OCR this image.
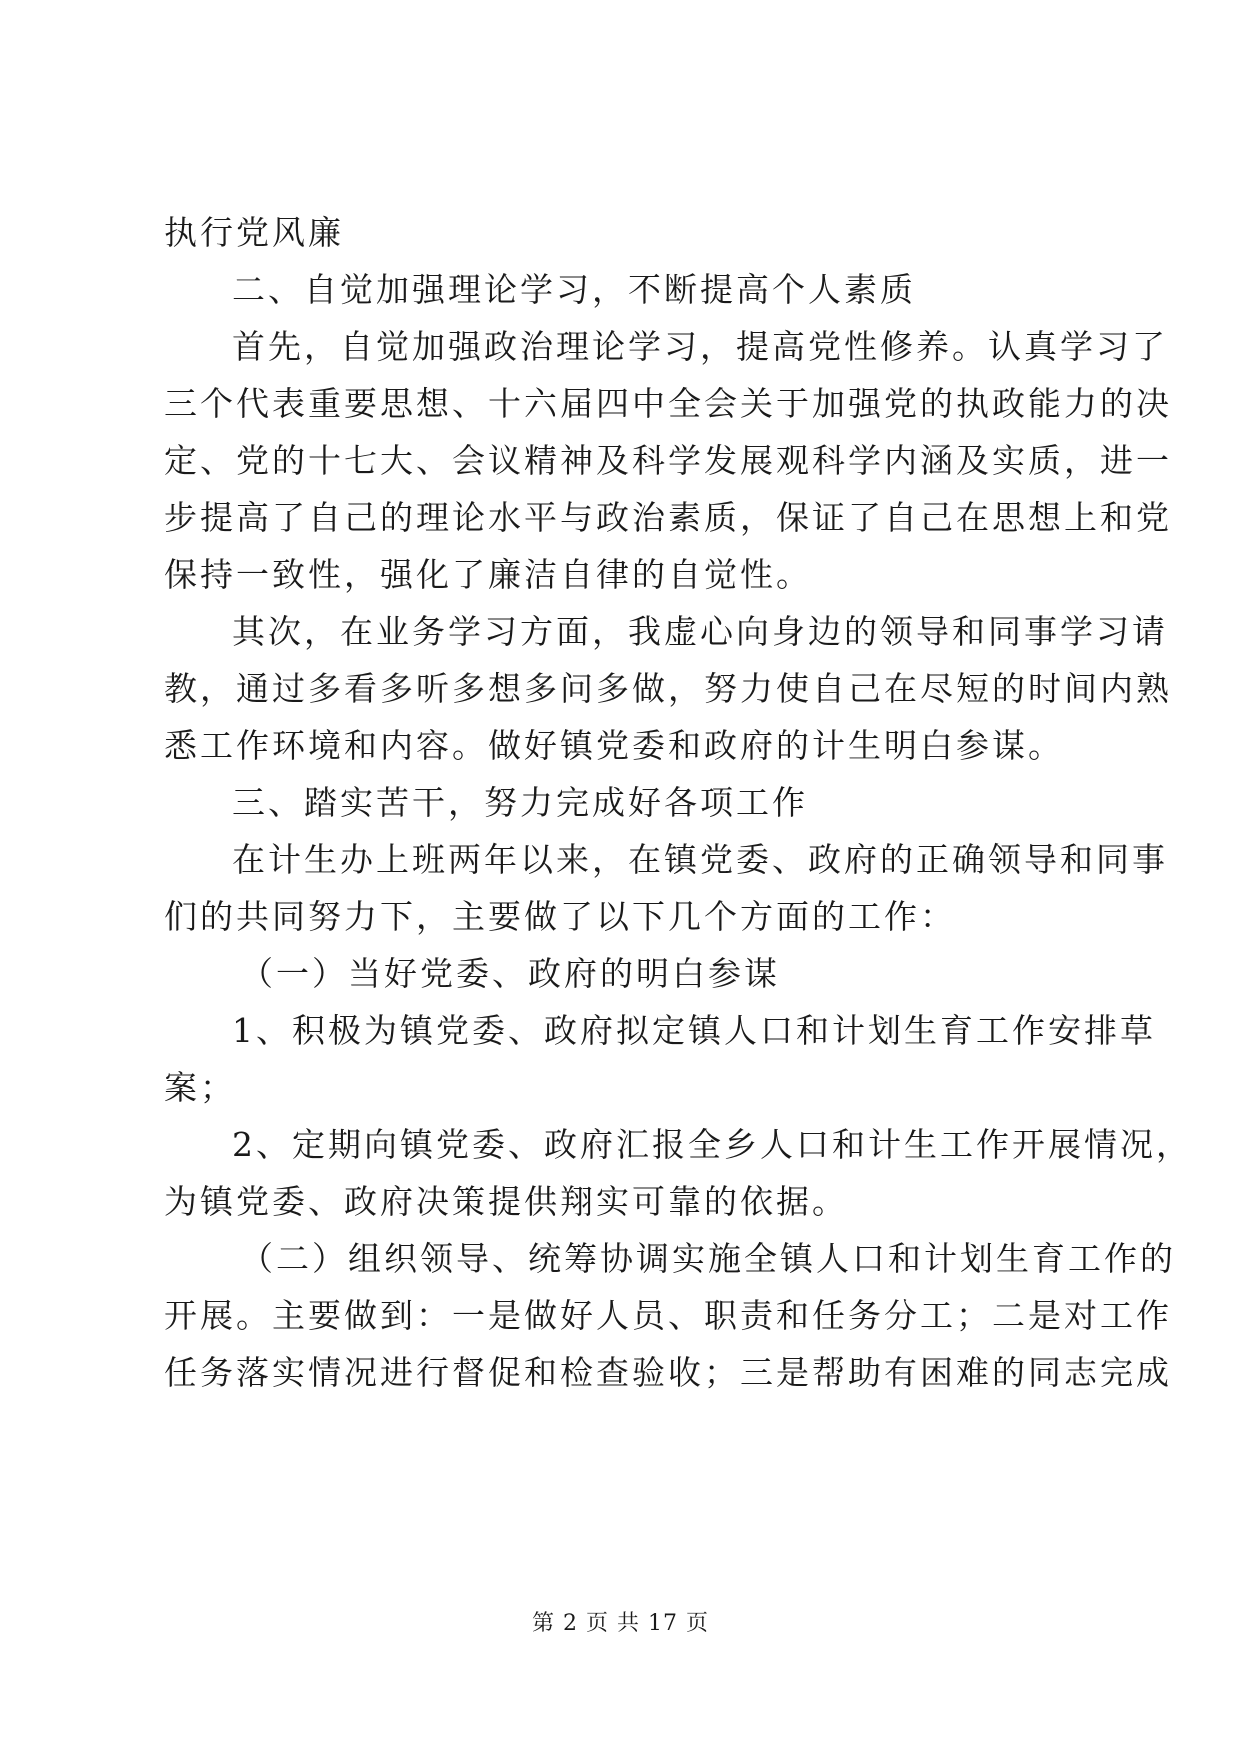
执行党风廉
二、自觉加强理论学习，不断提高个人素质
首先，自觉加强政治理论学习，提高党性修养。认真学习了
三个代表重要思想、十六届四中全会关于加强党的执政能力的决
定、党的十七大、会议精神及科学发展观科学内涵及实质，进一
步提高了自己的理论水平与政治素质，保证了自己在思想上和党
保持一致性，强化了廉洁自律的自觉性。
其次，在业务学习方面，我虚心向身边的领导和同事学习请
教，通过多看多听多想多问多做，努力使自己在尽短的时间内熟
悉工作环境和内容。做好镇党委和政府的计生明白参谋。
三、踏实苦干，努力完成好各项工作
在计生办上班两年以来，在镇党委、政府的正确领导和同事
们的共同努力下，主要做了以下几个方面的工作：
（一）当好党委、政府的明白参谋
1、积极为镇党委、政府拟定镇人口和计划生育工作安排草
案；
2、定期向镇党委、政府汇报全乡人口和计生工作开展情况，
为镇党委、政府决策提供翔实可靠的依据。
（二）组织领导、统筹协调实施全镇人口和计划生育工作的
开展。主要做到：一是做好人员、职责和任务分工；二是对工作
任务落实情况进行督促和检查验收；三是帮助有困难的同志完成
第 2 页 共 17 页
